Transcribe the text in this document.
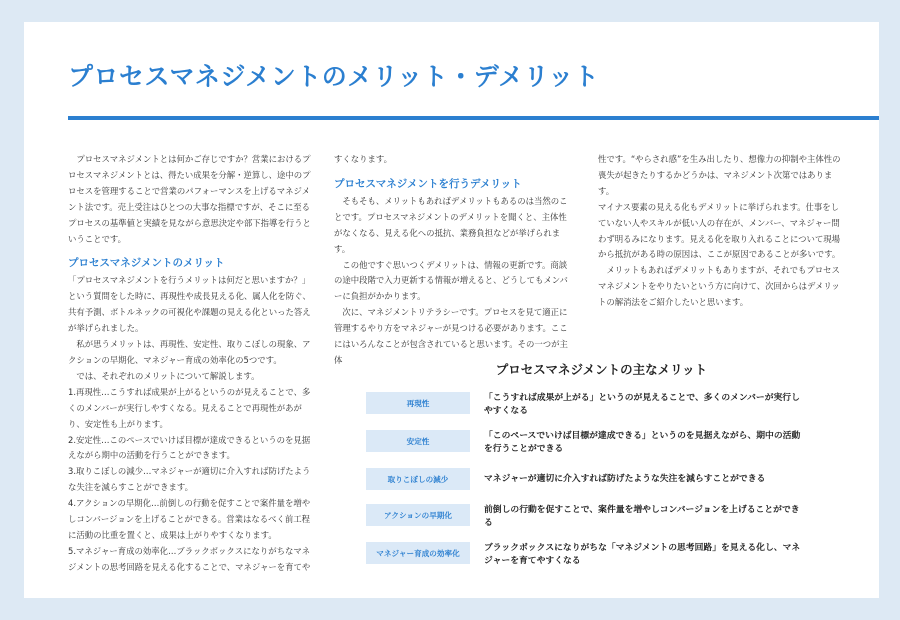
プロセスマネジメントのメリット・デメリット

　プロセスマネジメントとは何かご存じですか？営業におけるプロセスマネジメントとは、得たい成果を分解・逆算し、途中のプロセスを管理することで営業のパフォーマンスを上げるマネジメント法です。売上受注はひとつの大事な指標ですが、そこに至るプロセスの基準値と実績を見ながら意思決定や部下指導を行うということです。

プロセスマネジメントのメリット

「プロセスマネジメントを行うメリットは何だと思いますか？」という質問をした時に、再現性や成長見える化、属人化を防ぐ、共有予測、ボトルネックの可視化や課題の見える化といった答えが挙げられました。

　私が思うメリットは、再現性、安定性、取りこぼしの現象、アクションの早期化、マネジャー育成の効率化の5つです。

　では、それぞれのメリットについて解説します。

1.再現性…こうすれば成果が上がるというのが見えることで、多くのメンバーが実行しやすくなる。見えることで再現性があがり、安定性も上がります。

2.安定性…このペースでいけば目標が達成できるというのを見据えながら期中の活動を行うことができます。

3.取りこぼしの減少…マネジャーが適切に介入すれば防げたような失注を減らすことができます。

4.アクションの早期化…前倒しの行動を促すことで案件量を増やしコンバージョンを上げることができる。営業はなるべく前工程に活動の比重を置くと、成果は上がりやすくなります。

5.マネジャー育成の効率化…ブラックボックスになりがちなマネジメントの思考回路を見える化することで、マネジャーを育てや

すくなります。

プロセスマネジメントを行うデメリット

　そもそも、メリットもあればデメリットもあるのは当然のことです。プロセスマネジメントのデメリットを聞くと、主体性がなくなる、見える化への抵抗、業務負担などが挙げられます。

　この他ですぐ思いつくデメリットは、情報の更新です。商談の途中段階で入力更新する情報が増えると、どうしてもメンバーに負担がかかります。

　次に、マネジメントリテラシーです。プロセスを見て適正に管理するやり方をマネジャーが見つける必要があります。ここにはいろんなことが包含されていると思います。その一つが主体

性です。“やらされ感”を生み出したり、想像力の抑制や主体性の喪失が起きたりするかどうかは、マネジメント次第ではあります。

マイナス要素の見える化もデメリットに挙げられます。仕事をしていない人やスキルが低い人の存在が、メンバー、マネジャー問わず明るみになります。見える化を取り入れることについて現場から抵抗がある時の原因は、ここが原因であることが多いです。

　メリットもあればデメリットもありますが、それでもプロセスマネジメントをやりたいという方に向けて、次回からはデメリットの解消法をご紹介したいと思います。

プロセスマネジメントの主なメリット
再現性	「こうすれば成果が上がる」というのが見えることで、多くのメンバーが実行しやすくなる
安定性	「このペースでいけば目標が達成できる」というのを見据えながら、期中の活動を行うことができる
取りこぼしの減少	マネジャーが適切に介入すれば防げたような失注を減らすことができる
アクションの早期化	前倒しの行動を促すことで、案件量を増やしコンバージョンを上げることができる
マネジャー育成の効率化	ブラックボックスになりがちな「マネジメントの思考回路」を見える化し、マネジャーを育てやすくなる
